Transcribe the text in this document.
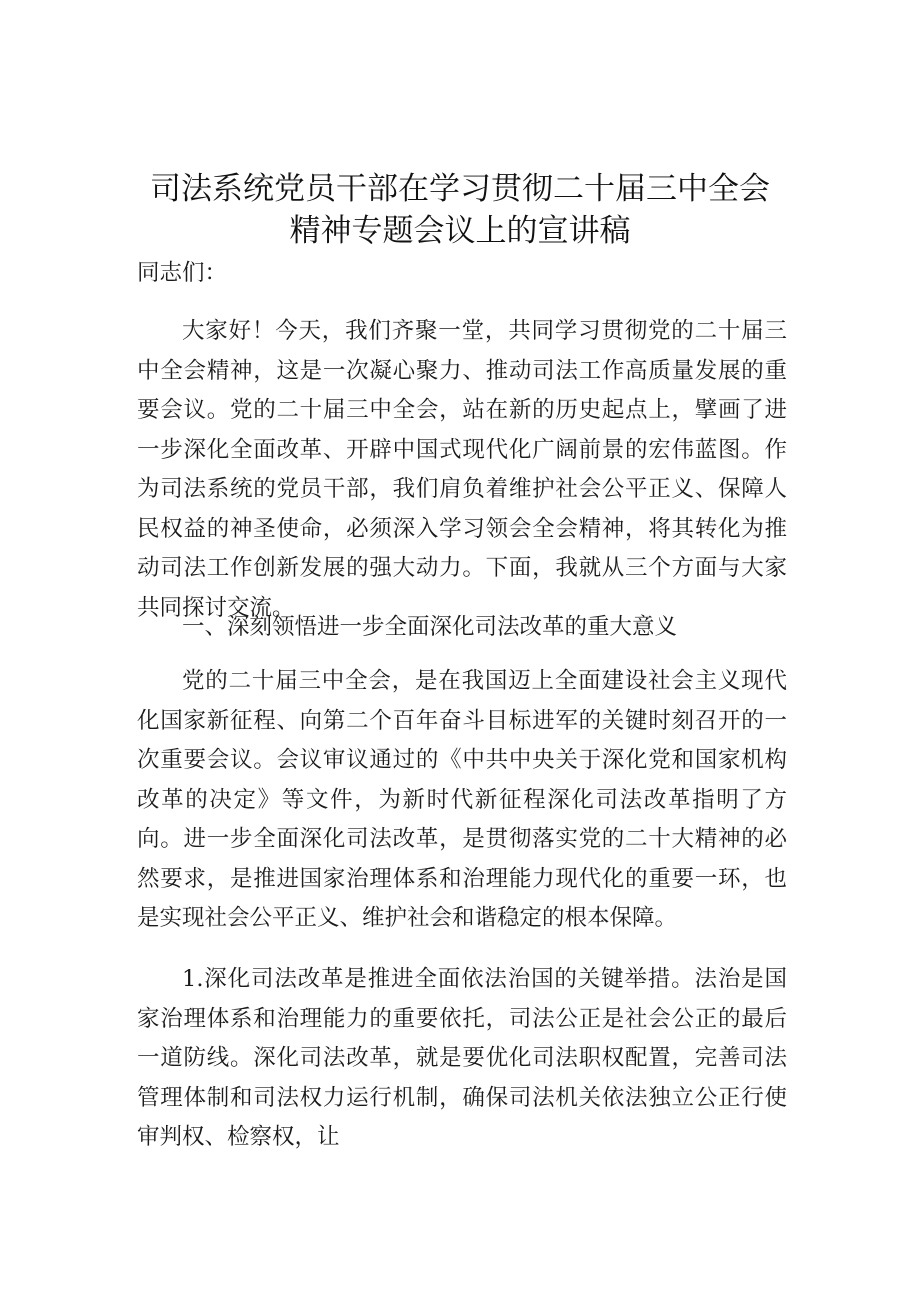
司法系统党员干部在学习贯彻二十届三中全会
精神专题会议上的宣讲稿

同志们：

大家好！今天，我们齐聚一堂，共同学习贯彻党的二十届三中全会精神，这是一次凝心聚力、推动司法工作高质量发展的重要会议。党的二十届三中全会，站在新的历史起点上，擘画了进一步深化全面改革、开辟中国式现代化广阔前景的宏伟蓝图。作为司法系统的党员干部，我们肩负着维护社会公平正义、保障人民权益的神圣使命，必须深入学习领会全会精神，将其转化为推动司法工作创新发展的强大动力。下面，我就从三个方面与大家共同探讨交流。

一、深刻领悟进一步全面深化司法改革的重大意义

党的二十届三中全会，是在我国迈上全面建设社会主义现代化国家新征程、向第二个百年奋斗目标进军的关键时刻召开的一次重要会议。会议审议通过的《中共中央关于深化党和国家机构改革的决定》等文件，为新时代新征程深化司法改革指明了方向。进一步全面深化司法改革，是贯彻落实党的二十大精神的必然要求，是推进国家治理体系和治理能力现代化的重要一环，也是实现社会公平正义、维护社会和谐稳定的根本保障。

1.深化司法改革是推进全面依法治国的关键举措。法治是国家治理体系和治理能力的重要依托，司法公正是社会公正的最后一道防线。深化司法改革，就是要优化司法职权配置，完善司法管理体制和司法权力运行机制，确保司法机关依法独立公正行使审判权、检察权，让
